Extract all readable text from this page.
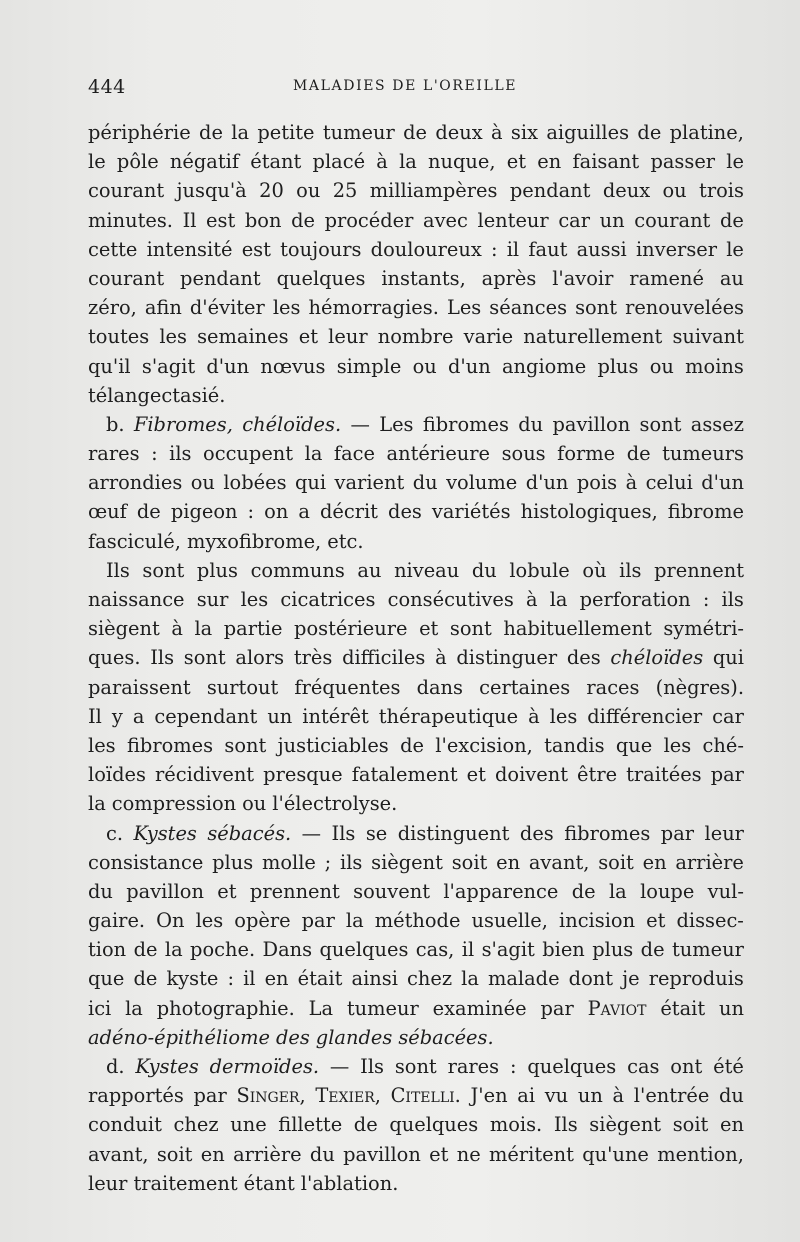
444	MALADIES DE L'OREILLE
périphérie de la petite tumeur de deux à six aiguilles de platine,
le pôle négatif étant placé à la nuque, et en faisant passer le
courant jusqu'à 20 ou 25 milliampères pendant deux ou trois
minutes. Il est bon de procéder avec lenteur car un courant de
cette intensité est toujours douloureux : il faut aussi inverser le
courant pendant quelques instants, après l'avoir ramené au
zéro, afin d'éviter les hémorragies. Les séances sont renouvelées
toutes les semaines et leur nombre varie naturellement suivant
qu'il s'agit d'un nœvus simple ou d'un angiome plus ou moins
télangectasié.
b. Fibromes, chéloïdes. — Les fibromes du pavillon sont assez
rares : ils occupent la face antérieure sous forme de tumeurs
arrondies ou lobées qui varient du volume d'un pois à celui d'un
œuf de pigeon : on a décrit des variétés histologiques, fibrome
fasciculé, myxofibrome, etc.
Ils sont plus communs au niveau du lobule où ils prennent
naissance sur les cicatrices consécutives à la perforation : ils
siègent à la partie postérieure et sont habituellement symétri-
ques. Ils sont alors très difficiles à distinguer des chéloïdes qui
paraissent surtout fréquentes dans certaines races (nègres).
Il y a cependant un intérêt thérapeutique à les différencier car
les fibromes sont justiciables de l'excision, tandis que les ché-
loïdes récidivent presque fatalement et doivent être traitées par
la compression ou l'électrolyse.
c. Kystes sébacés. — Ils se distinguent des fibromes par leur
consistance plus molle ; ils siègent soit en avant, soit en arrière
du pavillon et prennent souvent l'apparence de la loupe vul-
gaire. On les opère par la méthode usuelle, incision et dissec-
tion de la poche. Dans quelques cas, il s'agit bien plus de tumeur
que de kyste : il en était ainsi chez la malade dont je reproduis
ici la photographie. La tumeur examinée par Paviot était un
adéno-épithéliome des glandes sébacées.
d. Kystes dermoïdes. — Ils sont rares : quelques cas ont été
rapportés par Singer, Texier, Citelli. J'en ai vu un à l'entrée du
conduit chez une fillette de quelques mois. Ils siègent soit en
avant, soit en arrière du pavillon et ne méritent qu'une mention,
leur traitement étant l'ablation.
